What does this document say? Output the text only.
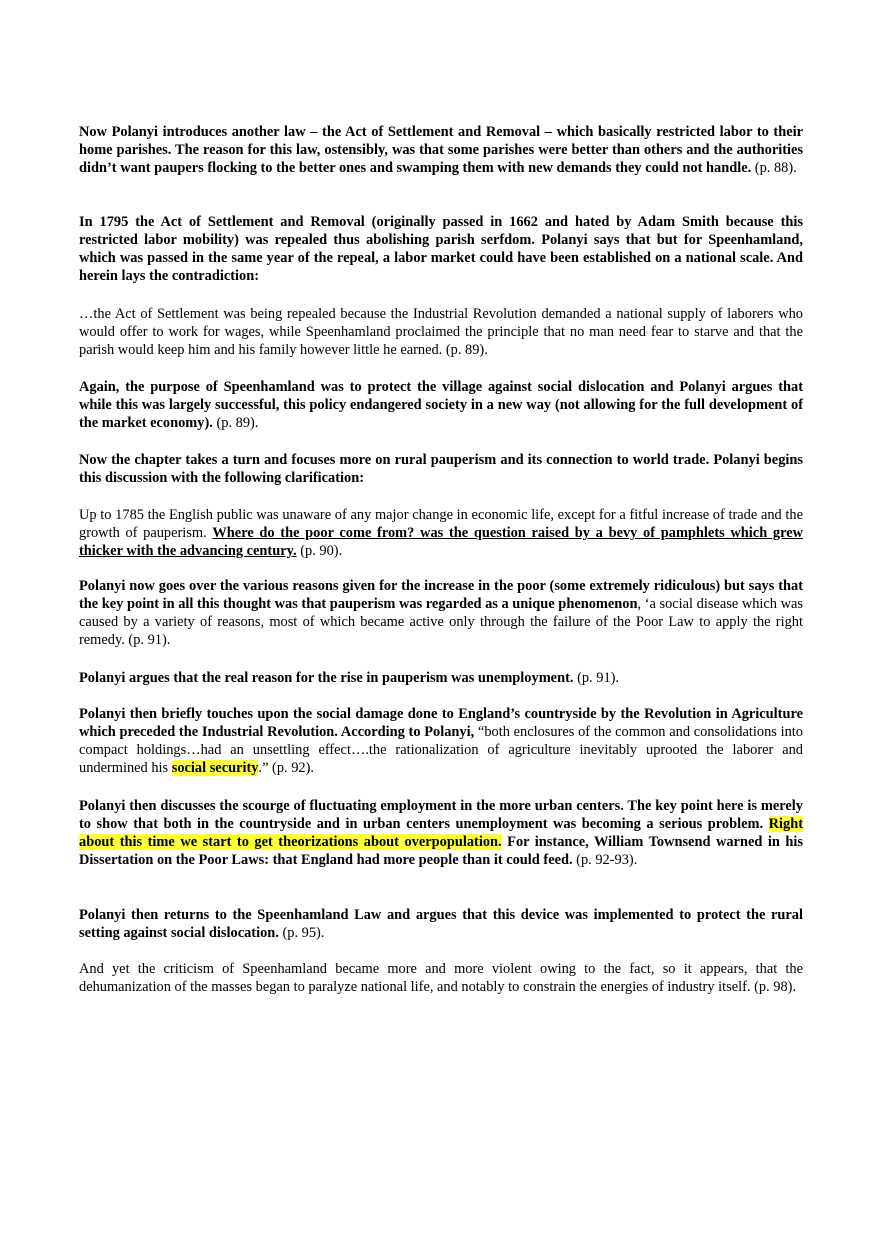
Now Polanyi introduces another law – the Act of Settlement and Removal – which basically restricted labor to their home parishes. The reason for this law, ostensibly, was that some parishes were better than others and the authorities didn’t want paupers flocking to the better ones and swamping them with new demands they could not handle. (p. 88).

In 1795 the Act of Settlement and Removal (originally passed in 1662 and hated by Adam Smith because this restricted labor mobility) was repealed thus abolishing parish serfdom. Polanyi says that but for Speenhamland, which was passed in the same year of the repeal, a labor market could have been established on a national scale. And herein lays the contradiction:

…the Act of Settlement was being repealed because the Industrial Revolution demanded a national supply of laborers who would offer to work for wages, while Speenhamland proclaimed the principle that no man need fear to starve and that the parish would keep him and his family however little he earned. (p. 89).

Again, the purpose of Speenhamland was to protect the village against social dislocation and Polanyi argues that while this was largely successful, this policy endangered society in a new way (not allowing for the full development of the market economy). (p. 89).

Now the chapter takes a turn and focuses more on rural pauperism and its connection to world trade. Polanyi begins this discussion with the following clarification:

Up to 1785 the English public was unaware of any major change in economic life, except for a fitful increase of trade and the growth of pauperism. Where do the poor come from? was the question raised by a bevy of pamphlets which grew thicker with the advancing century. (p. 90).

Polanyi now goes over the various reasons given for the increase in the poor (some extremely ridiculous) but says that the key point in all this thought was that pauperism was regarded as a unique phenomenon, ‘a social disease which was caused by a variety of reasons, most of which became active only through the failure of the Poor Law to apply the right remedy. (p. 91).

Polanyi argues that the real reason for the rise in pauperism was unemployment. (p. 91).

Polanyi then briefly touches upon the social damage done to England’s countryside by the Revolution in Agriculture which preceded the Industrial Revolution. According to Polanyi, “both enclosures of the common and consolidations into compact holdings…had an unsettling effect….the rationalization of agriculture inevitably uprooted the laborer and undermined his social security.” (p. 92).

Polanyi then discusses the scourge of fluctuating employment in the more urban centers. The key point here is merely to show that both in the countryside and in urban centers unemployment was becoming a serious problem. Right about this time we start to get theorizations about overpopulation. For instance, William Townsend warned in his Dissertation on the Poor Laws: that England had more people than it could feed. (p. 92-93).

Polanyi then returns to the Speenhamland Law and argues that this device was implemented to protect the rural setting against social dislocation. (p. 95).

And yet the criticism of Speenhamland became more and more violent owing to the fact, so it appears, that the dehumanization of the masses began to paralyze national life, and notably to constrain the energies of industry itself. (p. 98).
